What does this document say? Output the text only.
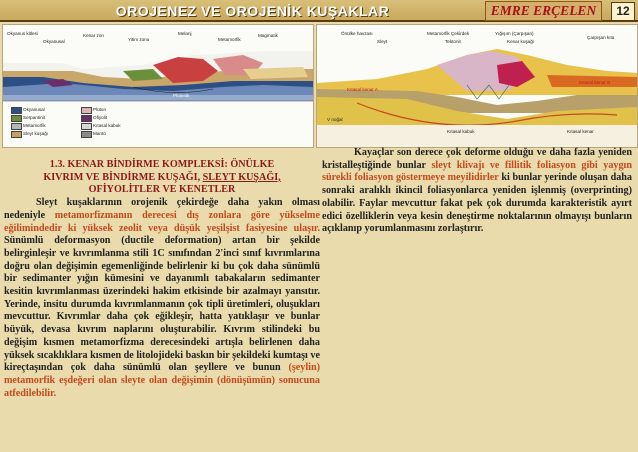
OROJENEZ VE OROJENİK KUŞAKLAR	EMRE ERÇELEN	12
Okyanus kitlesi
Okyanusal
Kenar zon
Yitim zonu
Melanj
Metamorfik
Magmatik
Plütonik
Okyanusal
Serpantinit
Metamorfik
Sleyt kuşağı
Plüton
Ofiyolit
Kıtasal kabuk
Manto
Önülke havzası
Sleyt
Metamorfik Çekirdek
Tektonit
Yığışım (Çarpışan)
Kenar kuşağı
Çarpışan kıta
V noğal
Kıtasal kabuk	Kıtasal kenar
Kıtasal kenar A
Kıtasal kenar B

1.3. KENAR BİNDİRME KOMPLEKSİ: ÖNÜLKE
KIVRIM VE BİNDİRME KUŞAĞI, SLEYT KUŞAĞI,
OFİYOLİTLER VE KENETLER

Sleyt kuşaklarının orojenik çekirdeğe daha yakın olması nedeniyle metamorfizmanın derecesi dış zonlara göre yükselme eğilimindedir ki yüksek zeolit veya düşük yeşilşist fasiyesine ulaşır. Sünümlü deformasyon (ductile deformation) artan bir şekilde belirginleşir ve kıvrımlanma stili 1C sınıfından 2'inci sınıf kıvrımlarına doğru olan değişimin egemenliğinde belirlenir ki bu çok daha sünümlü bir sedimanter yığın kümesini ve dayanımlı tabakaların sedimanter kesitin kıvrımlanması üzerindeki hakim etkisinde bir azalmayı yansıtır. Yerinde, insitu durumda kıvrımlanmanın çok tipli üretimleri, oluşukları mevcuttur. Kıvrımlar daha çok eğikleşir, hatta yatıklaşır ve bunlar büyük, devasa kıvrım naplarını oluşturabilir. Kıvrım stilindeki bu değişim kısmen metamorfizma derecesindeki artışla belirlenen daha yüksek sıcaklıklara kısmen de litolojideki baskın bir şekildeki kumtaşı ve kireçtaşından çok daha sünümlü olan şeyllere ve bunun (şeylin) metamorfik eşdeğeri olan sleyte olan değişimin (dönüşümün) sonucuna atfedilebilir.

Kayaçlar son derece çok deforme olduğu ve daha fazla yeniden kristalleştiğinde bunlar sleyt klivajı ve fillitik foliasyon gibi yaygın sürekli foliasyon göstermeye meyilidirler ki bunlar yerinde oluşan daha sonraki aralıklı ikincil foliasyonlarca yeniden işlenmiş (overprinting) olabilir. Faylar mevcuttur fakat pek çok durumda karakteristik ayırt edici özelliklerin veya kesin deneştirme noktalarının olmayışı bunların açıklanıp yorumlanmasını zorlaştırır.
